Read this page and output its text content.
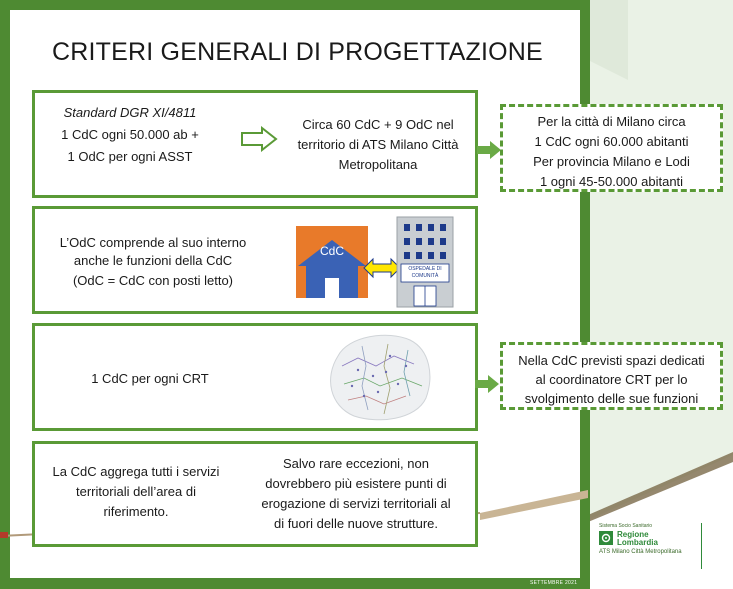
CRITERI GENERALI DI PROGETTAZIONE
Standard DGR XI/4811
1 CdC ogni 50.000 ab +
1 OdC per ogni ASST
Circa 60 CdC + 9 OdC nel
territorio di ATS Milano Città
Metropolitana
Per la città di Milano circa
1 CdC ogni 60.000 abitanti
Per provincia Milano e Lodi
1 ogni 45-50.000 abitanti
L’OdC comprende al suo interno
anche le funzioni della CdC
(OdC = CdC con posti letto)
CdC
OSPEDALE DI
COMUNITÀ
1 CdC per ogni CRT
Nella CdC previsti spazi dedicati
al coordinatore CRT per lo
svolgimento delle sue funzioni
La CdC aggrega tutti i servizi
territoriali dell’area di
riferimento.
Salvo rare eccezioni, non
dovrebbero più esistere punti di
erogazione di servizi territoriali al
di fuori delle nuove strutture.	Sistema Socio Sanitario
Regione
Lombardia
ATS Milano Città Metropolitana
SETTEMBRE 2021
